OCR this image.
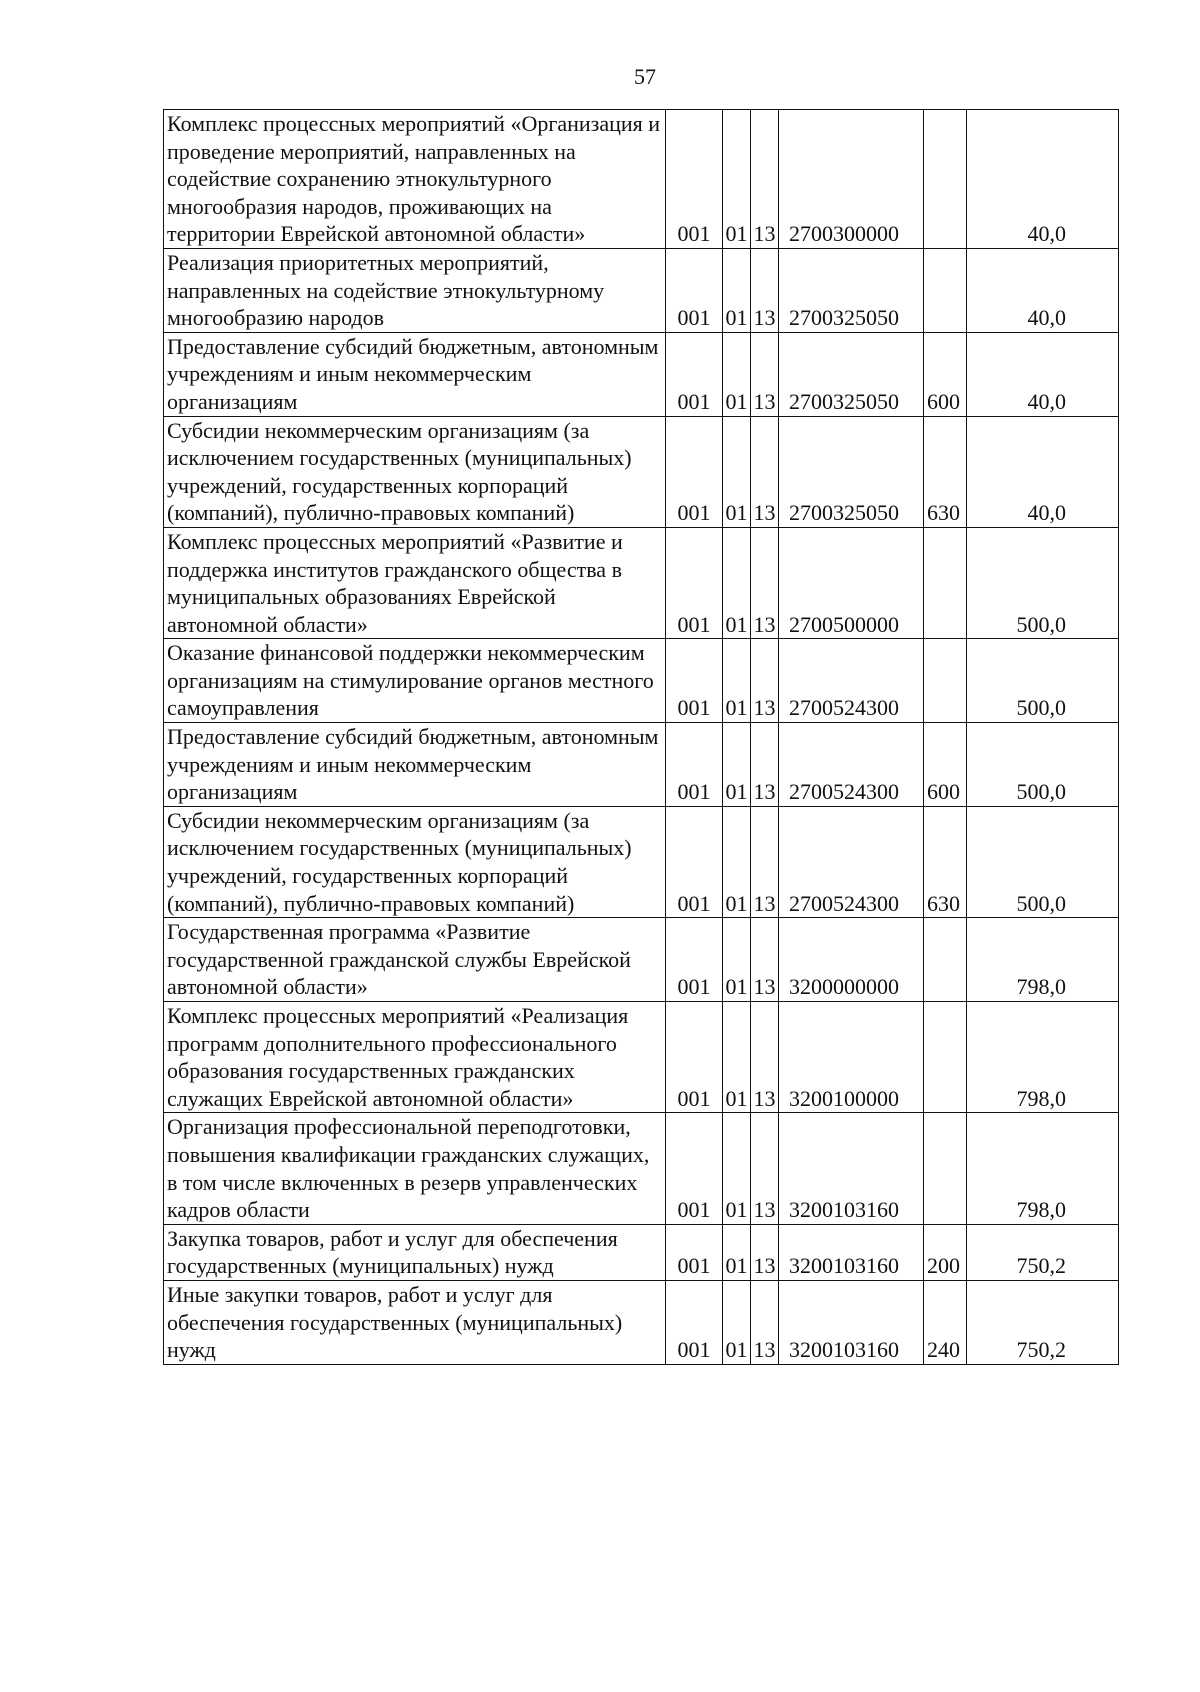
57
Комплекс процессных мероприятий «Организация и проведение мероприятий, направленных на содействие сохранению этнокультурного многообразия народов, проживающих на территории Еврейской автономной области»	001	01	13	2700300000		40,0

Реализация приоритетных мероприятий, направленных на содействие этнокультурному многообразию народов	001	01	13	2700325050		40,0

Предоставление субсидий бюджетным, автономным учреждениям и иным некоммерческим организациям	001	01	13	2700325050	600	40,0

Субсидии некоммерческим организациям (за исключением государственных (муниципальных) учреждений, государственных корпораций (компаний), публично-правовых компаний)	001	01	13	2700325050	630	40,0

Комплекс процессных мероприятий «Развитие и поддержка институтов гражданского общества в муниципальных образованиях Еврейской автономной области»	001	01	13	2700500000		500,0

Оказание финансовой поддержки некоммерческим организациям на стимулирование органов местного самоуправления	001	01	13	2700524300		500,0

Предоставление субсидий бюджетным, автономным учреждениям и иным некоммерческим организациям	001	01	13	2700524300	600	500,0

Субсидии некоммерческим организациям (за исключением государственных (муниципальных) учреждений, государственных корпораций (компаний), публично-правовых компаний)	001	01	13	2700524300	630	500,0

Государственная программа «Развитие государственной гражданской службы Еврейской автономной области»	001	01	13	3200000000		798,0

Комплекс процессных мероприятий «Реализация программ дополнительного профессионального образования государственных гражданских служащих Еврейской автономной области»	001	01	13	3200100000		798,0

Организация профессиональной переподготовки, повышения квалификации гражданских служащих, в том числе включенных в резерв управленческих кадров области	001	01	13	3200103160		798,0

Закупка товаров, работ и услуг для обеспечения государственных (муниципальных) нужд	001	01	13	3200103160	200	750,2

Иные закупки товаров, работ и услуг для обеспечения государственных (муниципальных) нужд	001	01	13	3200103160	240	750,2
